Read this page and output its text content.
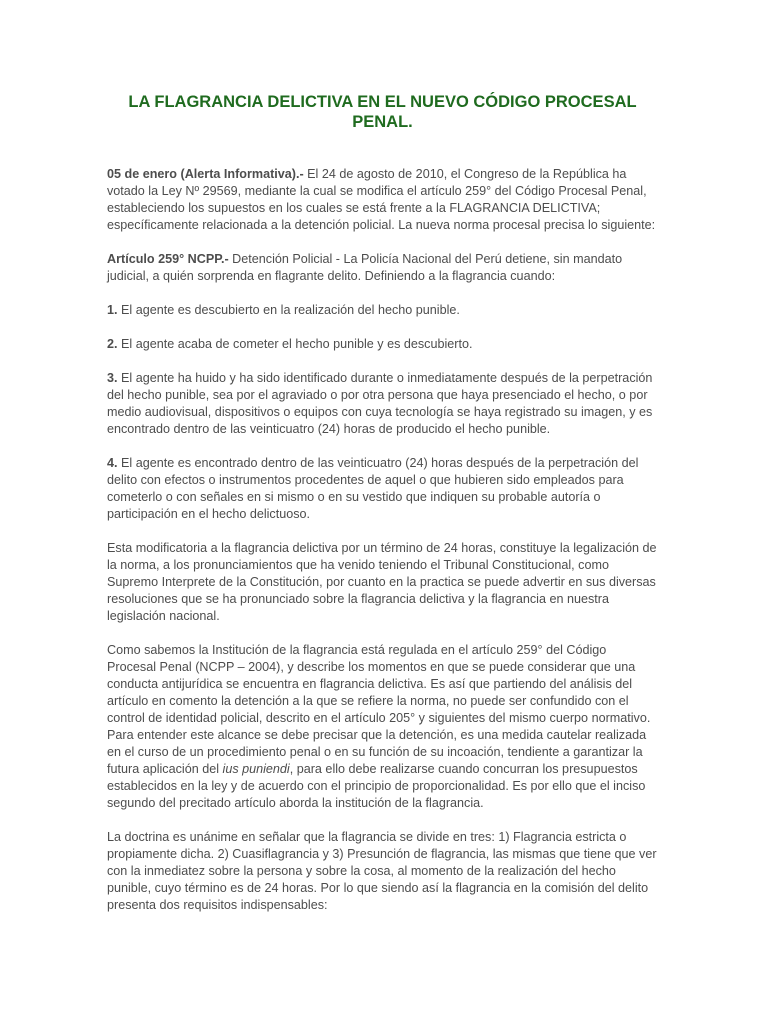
LA FLAGRANCIA DELICTIVA EN EL NUEVO CÓDIGO PROCESAL PENAL.

05 de enero (Alerta Informativa).- El 24 de agosto de 2010, el Congreso de la República ha votado la Ley Nº 29569, mediante la cual se modifica el artículo 259° del Código Procesal Penal, estableciendo los supuestos en los cuales se está frente a la FLAGRANCIA DELICTIVA; específicamente relacionada a la detención policial. La nueva norma procesal precisa lo siguiente:

Artículo 259° NCPP.- Detención Policial - La Policía Nacional del Perú detiene, sin mandato judicial, a quién sorprenda en flagrante delito. Definiendo a la flagrancia cuando:

1. El agente es descubierto en la realización del hecho punible.

2. El agente acaba de cometer el hecho punible y es descubierto.

3. El agente ha huido y ha sido identificado durante o inmediatamente después de la perpetración del hecho punible, sea por el agraviado o por otra persona que haya presenciado el hecho, o por medio audiovisual, dispositivos o equipos con cuya tecnología se haya registrado su imagen, y es encontrado dentro de las veinticuatro (24) horas de producido el hecho punible.

4. El agente es encontrado dentro de las veinticuatro (24) horas después de la perpetración del delito con efectos o instrumentos procedentes de aquel o que hubieren sido empleados para cometerlo o con señales en si mismo o en su vestido que indiquen su probable autoría o participación en el hecho delictuoso.

Esta modificatoria a la flagrancia delictiva por un término de 24 horas, constituye la legalización de la norma, a los pronunciamientos que ha venido teniendo el Tribunal Constitucional, como Supremo Interprete de la Constitución, por cuanto en la practica se puede advertir en sus diversas resoluciones que se ha pronunciado sobre la flagrancia delictiva y la flagrancia en nuestra legislación nacional.

Como sabemos la Institución de la flagrancia está regulada en el artículo 259° del Código Procesal Penal (NCPP – 2004), y describe los momentos en que se puede considerar que una conducta antijurídica se encuentra en flagrancia delictiva. Es así que partiendo del análisis del artículo en comento la detención a la que se refiere la norma, no puede ser confundido con el control de identidad policial, descrito en el artículo 205° y siguientes del mismo cuerpo normativo. Para entender este alcance se debe precisar que la detención, es una medida cautelar realizada en el curso de un procedimiento penal o en su función de su incoación, tendiente a garantizar la futura aplicación del ius puniendi, para ello debe realizarse cuando concurran los presupuestos establecidos en la ley y de acuerdo con el principio de proporcionalidad. Es por ello que el inciso segundo del precitado artículo aborda la institución de la flagrancia.

La doctrina es unánime en señalar que la flagrancia se divide en tres: 1) Flagrancia estricta o propiamente dicha. 2) Cuasiflagrancia y 3) Presunción de flagrancia, las mismas que tiene que ver con la inmediatez sobre la persona y sobre la cosa, al momento de la realización del hecho punible, cuyo término es de 24 horas. Por lo que siendo así la flagrancia en la comisión del delito presenta dos requisitos indispensables:
